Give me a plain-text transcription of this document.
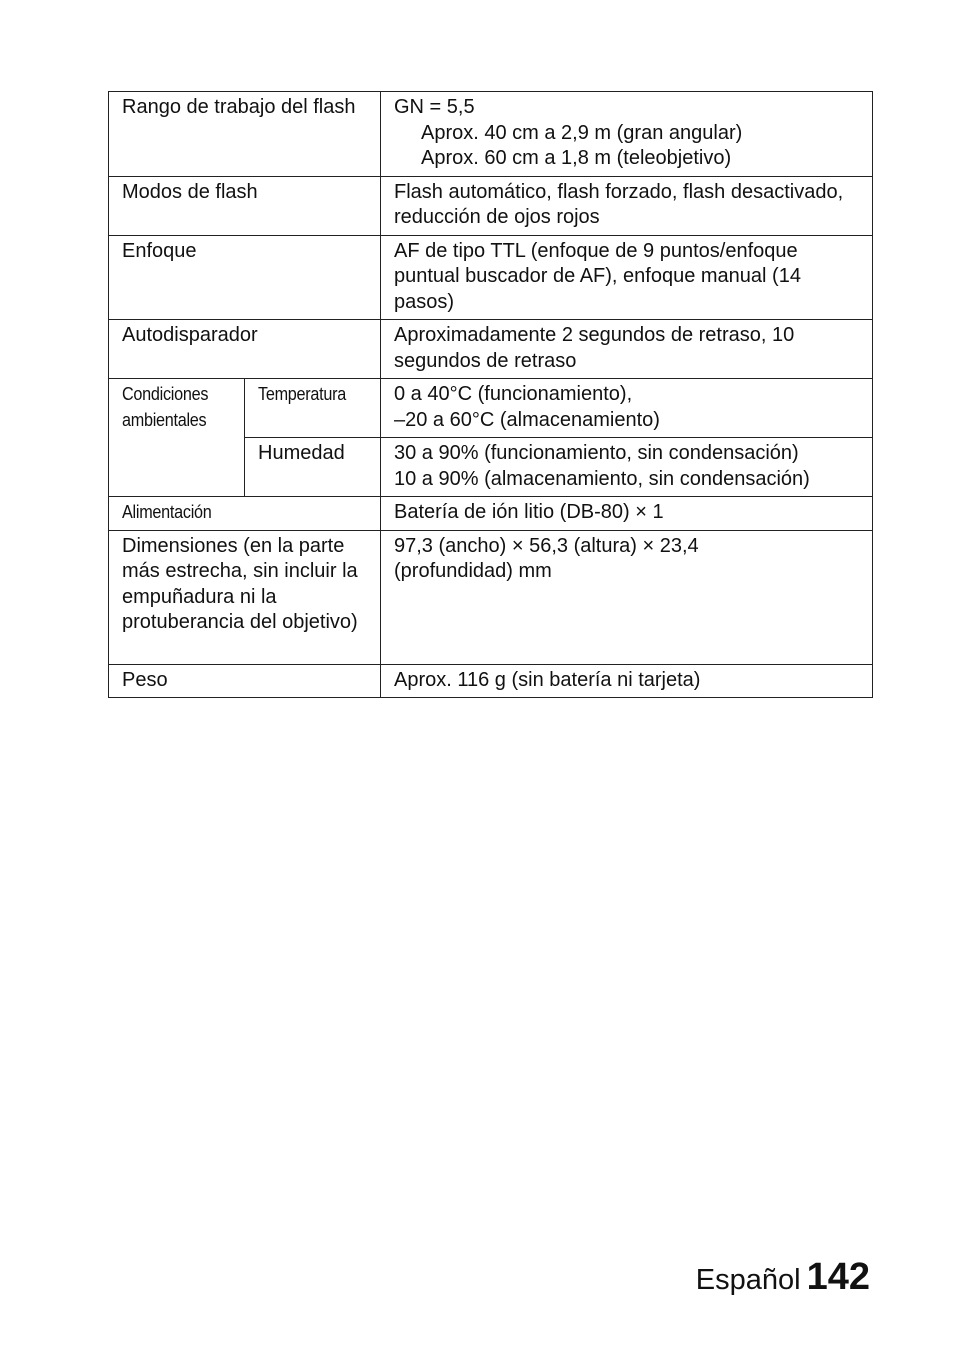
Rango de trabajo del flash		GN = 5,5
Aprox. 40 cm a 2,9 m (gran angular)
Aprox. 60 cm a 1,8 m (teleobjetivo)

Modos de flash		Flash automático, flash forzado, flash desactivado, reducción de ojos rojos
Enfoque		AF de tipo TTL (enfoque de 9 puntos/enfoque puntual buscador de AF), enfoque manual (14 pasos)
Autodisparador		Aproximadamente 2 segundos de retraso, 10 segundos de retraso
Condiciones
ambientales	Temperatura	0 a 40°C (funcionamiento),
–20 a 60°C (almacenamiento)

	Humedad	30 a 90% (funcionamiento, sin condensación)
10 a 90% (almacenamiento, sin condensación)

Alimentación		Batería de ión litio (DB-80) × 1

Dimensiones (en la parte más estrecha, sin incluir la empuñadura ni la protuberancia del objetivo)		97,3 (ancho) × 56,3 (altura) × 23,4 (profundidad) mm

Peso		Aprox. 116 g (sin batería ni tarjeta)
Español 142
